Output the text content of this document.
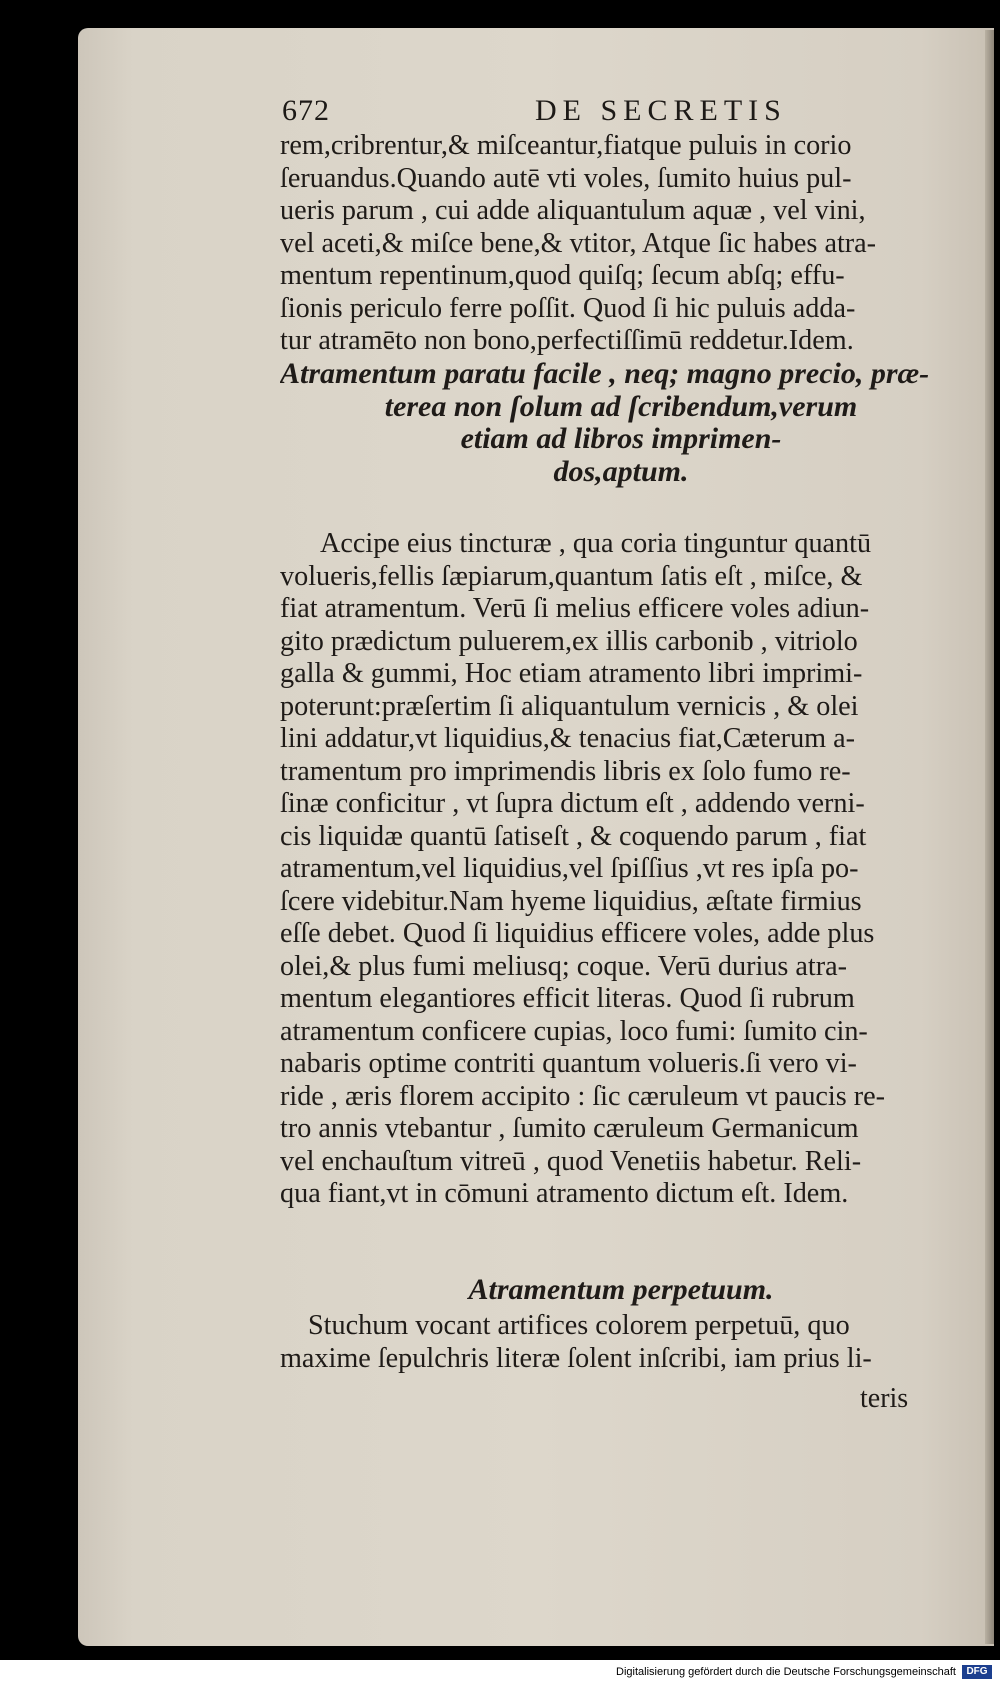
672	DE SECRETIS
rem,cribrentur,& miſceantur,fiatque puluis in corio
ſeruandus.Quando autē vti voles, ſumito huius pul-
ueris parum , cui adde aliquantulum aquæ , vel vini,
vel aceti,& miſce bene,& vtitor, Atque ſic habes atra-
mentum repentinum,quod quiſq; ſecum abſq; effu-
ſionis periculo ferre poſſit. Quod ſi hic puluis adda-
tur atramēto non bono,perfectiſſimū reddetur.Idem.
Atramentum paratu facile , neq; magno precio, præ-
terea non ſolum ad ſcribendum,verum
etiam ad libros imprimen-
dos,aptum.
Accipe eius tincturæ , qua coria tinguntur quantū
volueris,fellis ſæpiarum,quantum ſatis eſt , miſce, &
fiat atramentum. Verū ſi melius efficere voles adiun-
gito prædictum puluerem,ex illis carbonib , vitriolo
galla & gummi, Hoc etiam atramento libri imprimi-
poterunt:præſertim ſi aliquantulum vernicis , & olei
lini addatur,vt liquidius,& tenacius fiat,Cæterum a-
tramentum pro imprimendis libris ex ſolo fumo re-
ſinæ conficitur , vt ſupra dictum eſt , addendo verni-
cis liquidæ quantū ſatiseſt , & coquendo parum , fiat
atramentum,vel liquidius,vel ſpiſſius ,vt res ipſa po-
ſcere videbitur.Nam hyeme liquidius, æſtate firmius
eſſe debet. Quod ſi liquidius efficere voles, adde plus
olei,& plus fumi meliusq; coque. Verū durius atra-
mentum elegantiores efficit literas. Quod ſi rubrum
atramentum conficere cupias, loco fumi: ſumito cin-
nabaris optime contriti quantum volueris.ſi vero vi-
ride , æris florem accipito : ſic cæruleum vt paucis re-
tro annis vtebantur , ſumito cæruleum Germanicum
vel enchauſtum vitreū , quod Venetiis habetur. Reli-
qua fiant,vt in cōmuni atramento dictum eſt. Idem.
Atramentum perpetuum.
Stuchum vocant artifices colorem perpetuū, quo
maxime ſepulchris literæ ſolent inſcribi, iam prius li-
teris
Digitalisierung gefördert durch die Deutsche Forschungsgemeinschaft	DFG
